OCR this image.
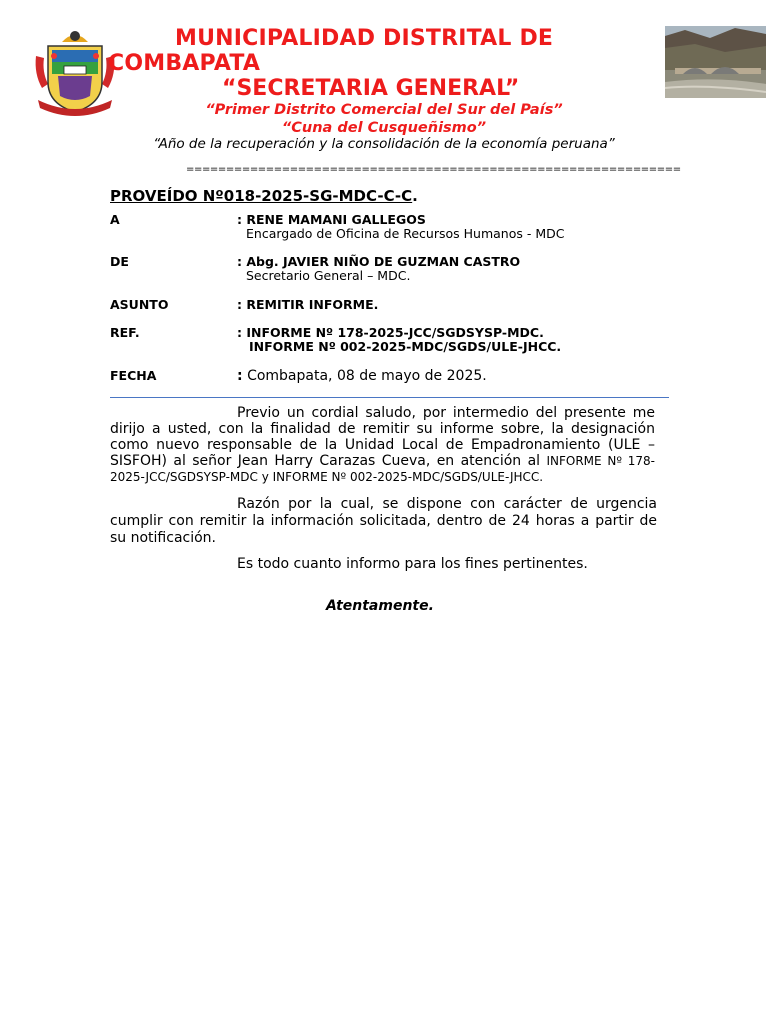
MUNICIPALIDAD DISTRITAL DE
COMBAPATA
“SECRETARIA GENERAL”
“Primer Distrito Comercial del Sur del País”
“Cuna del Cusqueñismo”
“Año de la recuperación y la consolidación de la economía peruana”
==============================================================
PROVEÍDO Nº018-2025-SG-MDC-C-C.
A	: RENE MAMANI GALLEGOS
Encargado de Oficina de Recursos Humanos - MDC
DE	: Abg. JAVIER NIÑO DE GUZMAN CASTRO
Secretario General – MDC.
ASUNTO	: REMITIR INFORME.
REF.	: INFORME Nº 178-2025-JCC/SGDSYSP-MDC.
INFORME Nº 002-2025-MDC/SGDS/ULE-JHCC.
FECHA	: Combapata, 08 de mayo de 2025.
Previo un cordial saludo, por intermedio del presente me dirijo a usted, con la finalidad de remitir su informe sobre, la designación como nuevo responsable de la Unidad Local de Empadronamiento (ULE – SISFOH) al señor Jean Harry Carazas Cueva, en atención al INFORME Nº 178-2025-JCC/SGDSYSP-MDC y INFORME Nº 002-2025-MDC/SGDS/ULE-JHCC.
Razón por la cual, se dispone con carácter de urgencia cumplir con remitir la información solicitada, dentro de 24 horas a partir de su notificación.
Es todo cuanto informo para los fines pertinentes.
Atentamente.
